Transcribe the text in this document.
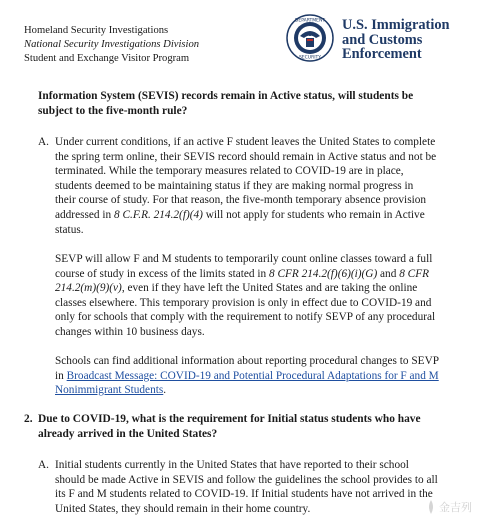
Homeland Security Investigations
National Security Investigations Division
Student and Exchange Visitor Program
DEPARTMENT
SECURITY
U.S. Immigration
and Customs
Enforcement
Information System (SEVIS) records remain in Active status, will students be
subject to the five-month rule?
A. Under current conditions, if an active F student leaves the United States to complete
the spring term online, their SEVIS record should remain in Active status and not be
terminated. While the temporary measures related to COVID-19 are in place,
students deemed to be maintaining status if they are making normal progress in
their course of study. For that reason, the five-month temporary absence provision
addressed in 8 C.F.R. 214.2(f)(4) will not apply for students who remain in Active
status.
SEVP will allow F and M students to temporarily count online classes toward a full
course of study in excess of the limits stated in 8 CFR 214.2(f)(6)(i)(G) and 8 CFR
214.2(m)(9)(v), even if they have left the United States and are taking the online
classes elsewhere. This temporary provision is only in effect due to COVID-19 and
only for schools that comply with the requirement to notify SEVP of any procedural
changes within 10 business days.
Schools can find additional information about reporting procedural changes to SEVP
in Broadcast Message: COVID-19 and Potential Procedural Adaptations for F and M
Nonimmigrant Students.
2. Due to COVID-19, what is the requirement for Initial status students who have
already arrived in the United States?
A. Initial students currently in the United States that have reported to their school
should be made Active in SEVIS and follow the guidelines the school provides to all
its F and M students related to COVID-19. If Initial students have not arrived in the
United States, they should remain in their home country.	金吉列
